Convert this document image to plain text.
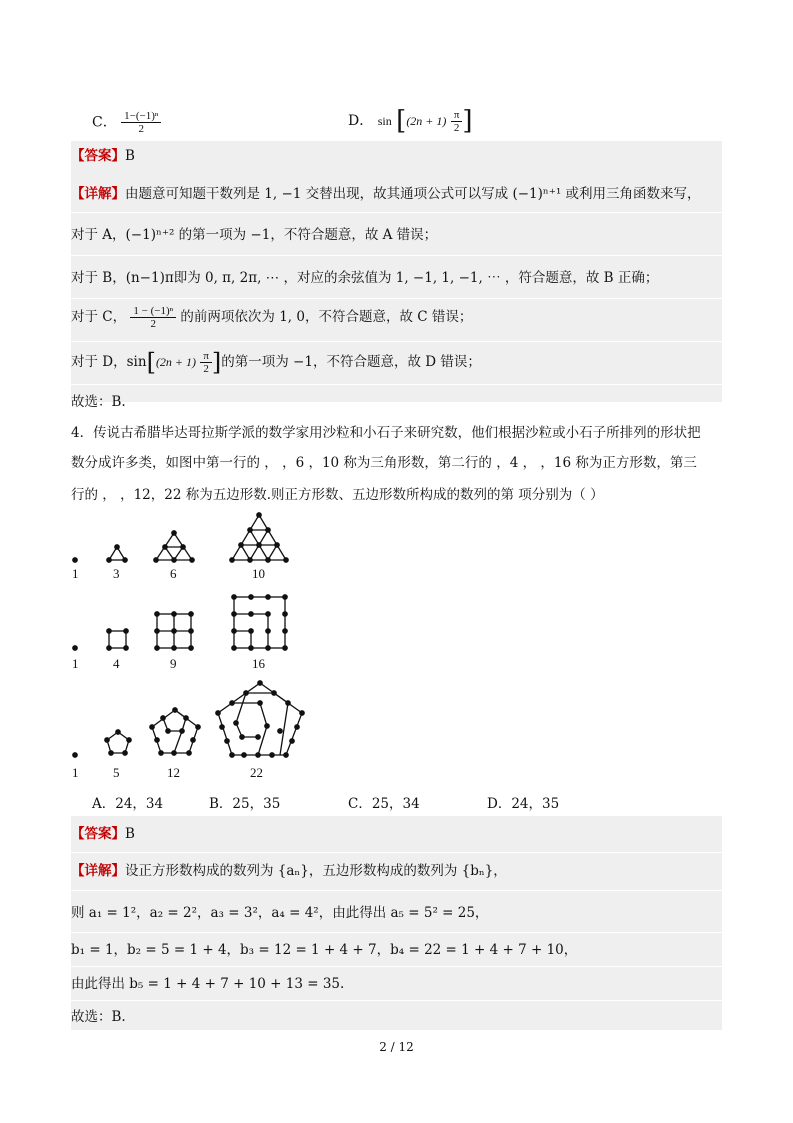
C． $\frac{\text{1−(−1)ⁿ}}{2}$	D． $\sin [(2n + 1) \frac{\pi}{2}$ ]
【答案】B
【详解】由题意可知题干数列是 1, −1 交替出现，故其通项公式可以写成 (−1)ⁿ⁺¹ 或利用三角函数来写，
对于 A，(−1)ⁿ⁺² 的第一项为 −1，不符合题意，故 A 错误；
对于 B，(n−1)π即为 0, π, 2π, ⋯ ，对应的余弦值为 1, −1, 1, −1, ⋯ ，符合题意，故 B 正确；
对于 C， $\frac{\text{1 − (−1)ⁿ}}{2}$ 的前两项依次为 1, 0，不符合题意，故 C 错误；
对于 D，$\sin[(2n + 1) \frac{\pi}{2}$ ]的第一项为 −1，不符合题意，故 D 错误；
故选：B.
4．传说古希腊毕达哥拉斯学派的数学家用沙粒和小石子来研究数，他们根据沙粒或小石子所排列的形状把
数分成许多类，如图中第一行的 ， ，6 ，10 称为三角形数，第二行的 ，4 ， ，16 称为正方形数，第三
行的 ， ，12，22 称为五边形数.则正方形数、五边形数所构成的数列的第 项分别为（ ）
1	3	6	10
1	4	9	16
1	5	12	22
A．24，34	B．25，35	C．25，34	D．24，35
【答案】B
【详解】设正方形数构成的数列为 {aₙ}，五边形数构成的数列为 {bₙ}，
则 a₁ = 1²，a₂ = 2²，a₃ = 3²，a₄ = 4²，由此得出 a₅ = 5² = 25，
b₁ = 1，b₂ = 5 = 1 + 4，b₃ = 12 = 1 + 4 + 7，b₄ = 22 = 1 + 4 + 7 + 10，
由此得出 b₅ = 1 + 4 + 7 + 10 + 13 = 35.
故选：B.
2 / 12
